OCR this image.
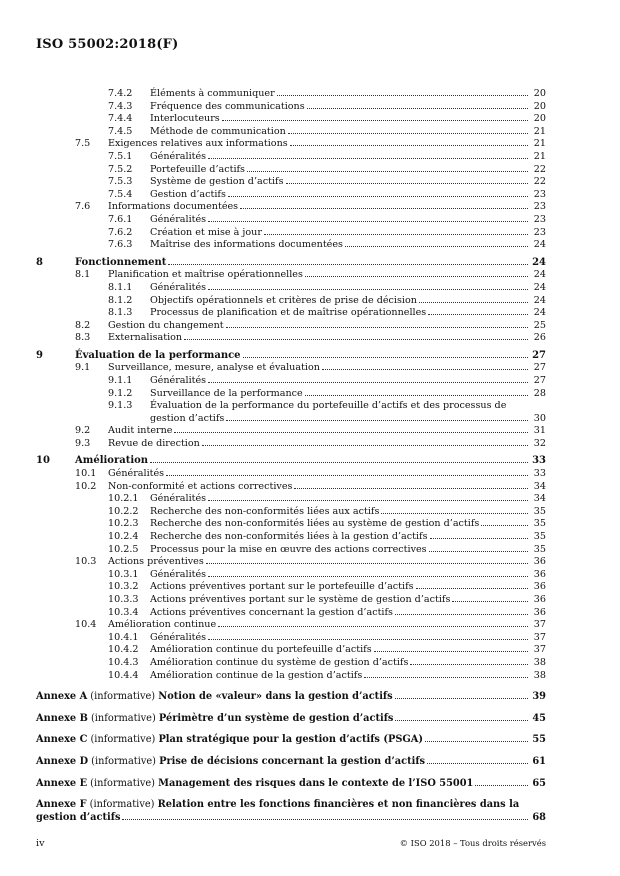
ISO 55002:2018(F)
7.4.2 Éléments à communiquer	20
7.4.3 Fréquence des communications	20
7.4.4 Interlocuteurs	20
7.4.5 Méthode de communication	21
7.5 Exigences relatives aux informations	21
7.5.1 Généralités	21
7.5.2 Portefeuille d’actifs	22
7.5.3 Système de gestion d’actifs	22
7.5.4 Gestion d’actifs	23
7.6 Informations documentées	23
7.6.1 Généralités	23
7.6.2 Création et mise à jour	23
7.6.3 Maîtrise des informations documentées	24
8	Fonctionnement	24
8.1 Planification et maîtrise opérationnelles	24
8.1.1 Généralités	24
8.1.2 Objectifs opérationnels et critères de prise de décision	24
8.1.3 Processus de planification et de maîtrise opérationnelles	24
8.2 Gestion du changement	25
8.3 Externalisation	26
9	Évaluation de la performance	27
9.1 Surveillance, mesure, analyse et évaluation	27
9.1.1 Généralités	27
9.1.2 Surveillance de la performance	28
9.1.3 Évaluation de la performance du portefeuille d’actifs et des processus de
gestion d’actifs	30
9.2 Audit interne	31
9.3 Revue de direction	32
10	Amélioration	33
10.1 Généralités	33
10.2 Non-conformité et actions correctives	34
10.2.1 Généralités	34
10.2.2 Recherche des non-conformités liées aux actifs	35
10.2.3 Recherche des non-conformités liées au système de gestion d’actifs	35
10.2.4 Recherche des non-conformités liées à la gestion d’actifs	35
10.2.5 Processus pour la mise en œuvre des actions correctives	35
10.3 Actions préventives	36
10.3.1 Généralités	36
10.3.2 Actions préventives portant sur le portefeuille d’actifs	36
10.3.3 Actions préventives portant sur le système de gestion d’actifs	36
10.3.4 Actions préventives concernant la gestion d’actifs	36
10.4 Amélioration continue	37
10.4.1 Généralités	37
10.4.2 Amélioration continue du portefeuille d’actifs	37
10.4.3 Amélioration continue du système de gestion d’actifs	38
10.4.4 Amélioration continue de la gestion d’actifs	38
Annexe A (informative) Notion de «valeur» dans la gestion d’actifs	39
Annexe B (informative) Périmètre d’un système de gestion d’actifs	45
Annexe C (informative) Plan stratégique pour la gestion d’actifs (PSGA)	55
Annexe D (informative) Prise de décisions concernant la gestion d’actifs	61
Annexe E (informative) Management des risques dans le contexte de l’ISO 55001	65
Annexe F (informative) Relation entre les fonctions financières et non financières dans la
gestion d’actifs	68
iv	© ISO 2018 – Tous droits réservés
